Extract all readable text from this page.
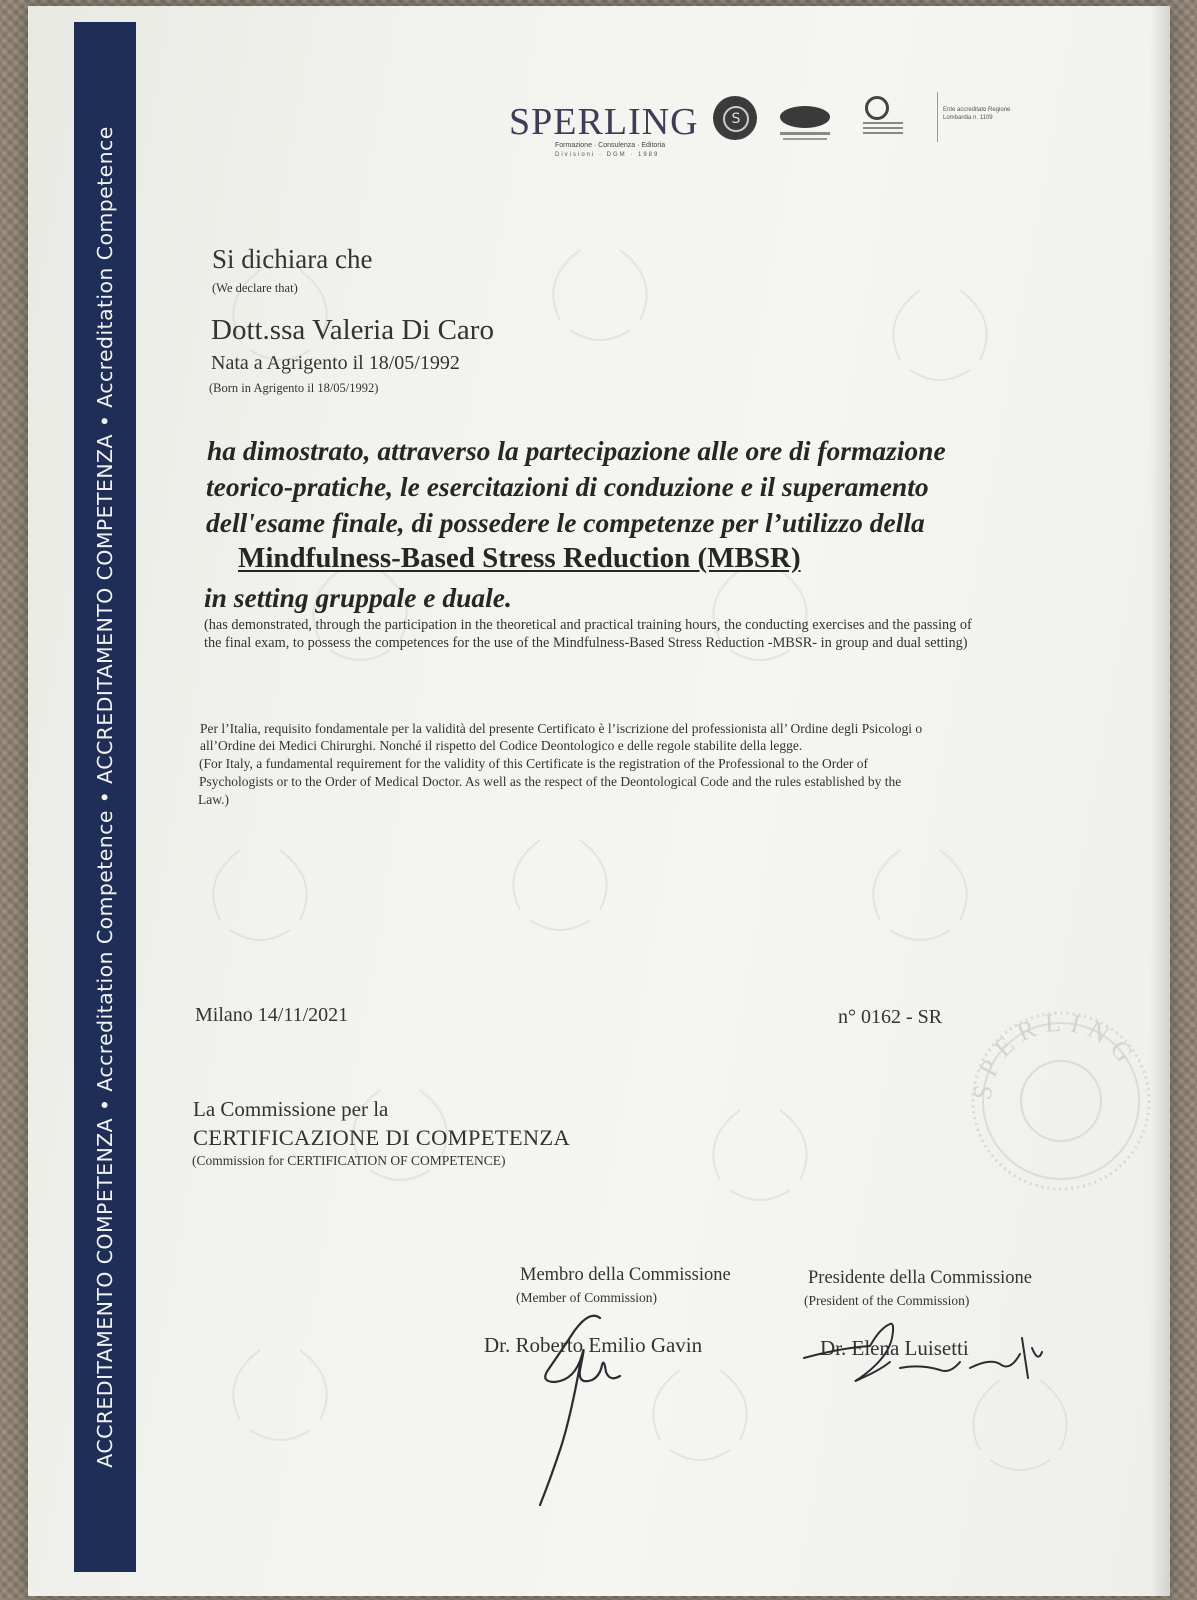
ACCREDITAMENTO COMPETENZA • Accreditation Competence • ACCREDITAMENTO COMPETENZA • Accreditation Competence
SPERLING
Formazione · Consulenza · Editoria
Divisioni · DGM · 1989
S
Ente accreditato Regione Lombardia n. 1109
Si dichiara che
(We declare that)
Dott.ssa Valeria Di Caro
Nata a Agrigento il 18/05/1992
(Born in Agrigento il 18/05/1992)
ha dimostrato, attraverso la partecipazione alle ore di formazione
teorico-pratiche, le esercitazioni di conduzione e il superamento
dell'esame finale, di possedere le competenze per l’utilizzo della
Mindfulness-Based Stress Reduction (MBSR)
in setting gruppale e duale.
(has demonstrated, through the participation in the theoretical and practical training hours, the conducting exercises and the passing of
the final exam, to possess the competences for the use of the Mindfulness-Based Stress Reduction -MBSR- in group and dual setting)
Per l’Italia, requisito fondamentale per la validità del presente Certificato è l’iscrizione del professionista all’ Ordine degli Psicologi o
all’Ordine dei Medici Chirurghi. Nonché il rispetto del Codice Deontologico e delle regole stabilite della legge.
(For Italy, a fundamental requirement for the validity of this Certificate is the registration of the Professional to the Order of
Psychologists or to the Order of Medical Doctor. As well as the respect of the Deontological Code and the rules established by the
Law.)
Milano 14/11/2021	n° 0162 - SR
SPERLING
La Commissione per la
CERTIFICAZIONE DI COMPETENZA
(Commission for CERTIFICATION OF COMPETENCE)
Membro della Commissione
(Member of Commission)
Dr. Roberto Emilio Gavin
Presidente della Commissione
(President of the Commission)
Dr. Elena Luisetti
